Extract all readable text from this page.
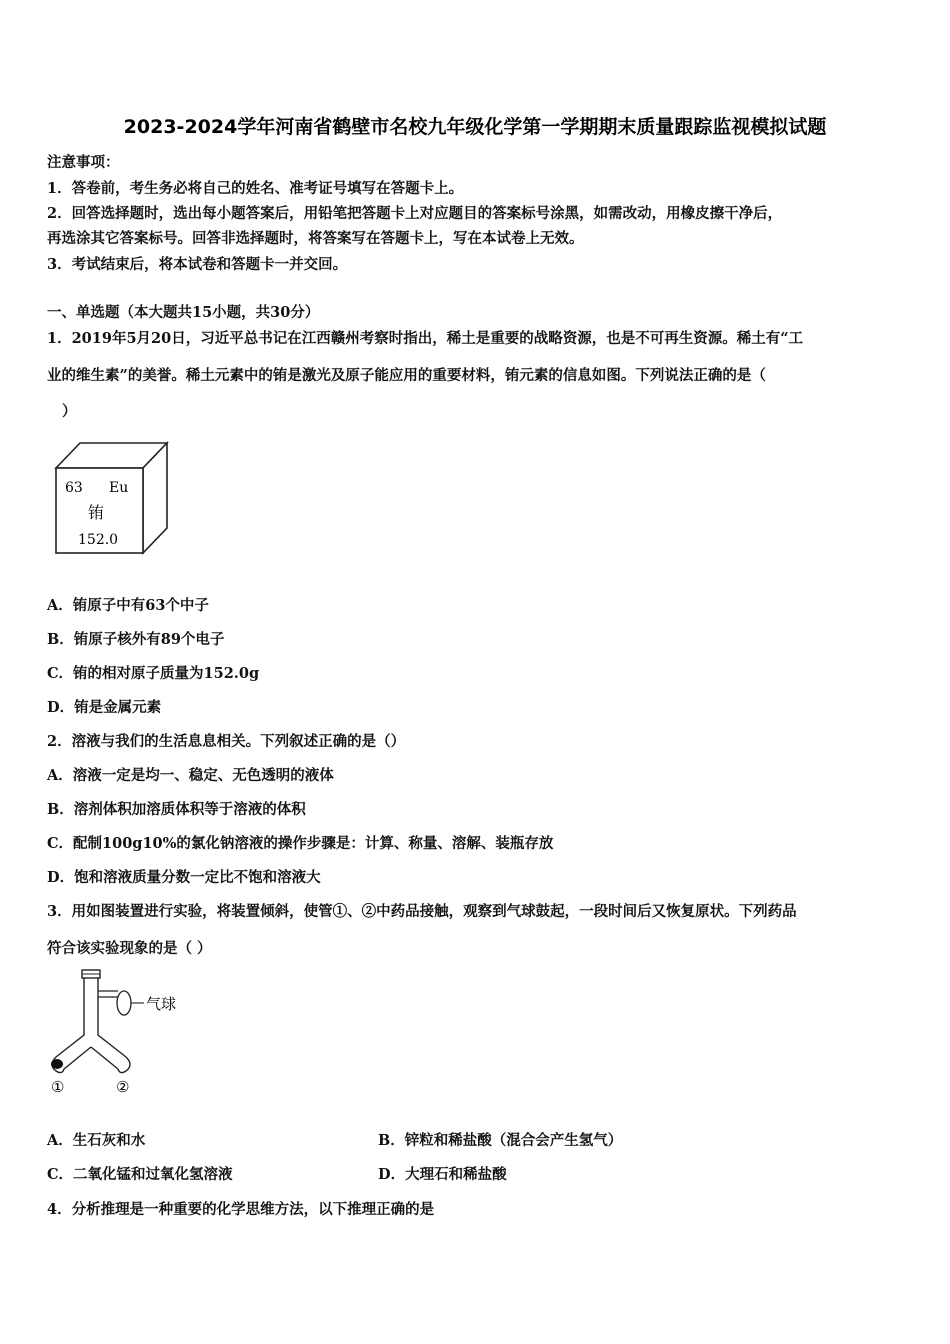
2023-2024学年河南省鹤壁市名校九年级化学第一学期期末质量跟踪监视模拟试题
注意事项：
1．答卷前，考生务必将自己的姓名、准考证号填写在答题卡上。
2．回答选择题时，选出每小题答案后，用铅笔把答题卡上对应题目的答案标号涂黑，如需改动，用橡皮擦干净后，
再选涂其它答案标号。回答非选择题时，将答案写在答题卡上，写在本试卷上无效。
3．考试结束后，将本试卷和答题卡一并交回。
一、单选题（本大题共15小题，共30分）
1．2019年5月20日，习近平总书记在江西赣州考察时指出，稀土是重要的战略资源，也是不可再生资源。稀土有“工
业的维生素”的美誉。稀土元素中的铕是激光及原子能应用的重要材料，铕元素的信息如图。下列说法正确的是（
）
63 Eu
铕
152.0
A．铕原子中有63个中子
B．铕原子核外有89个电子
C．铕的相对原子质量为152.0g
D．铕是金属元素
2．溶液与我们的生活息息相关。下列叙述正确的是（）
A．溶液一定是均一、稳定、无色透明的液体
B．溶剂体积加溶质体积等于溶液的体积
C．配制100g10%的氯化钠溶液的操作步骤是：计算、称量、溶解、装瓶存放
D．饱和溶液质量分数一定比不饱和溶液大
3．用如图装置进行实验，将装置倾斜，使管①、②中药品接触，观察到气球鼓起，一段时间后又恢复原状。下列药品
符合该实验现象的是（ ）
气球
①	②
A．生石灰和水	B．锌粒和稀盐酸（混合会产生氢气）
C．二氧化锰和过氧化氢溶液	D．大理石和稀盐酸
4．分析推理是一种重要的化学思维方法，以下推理正确的是
